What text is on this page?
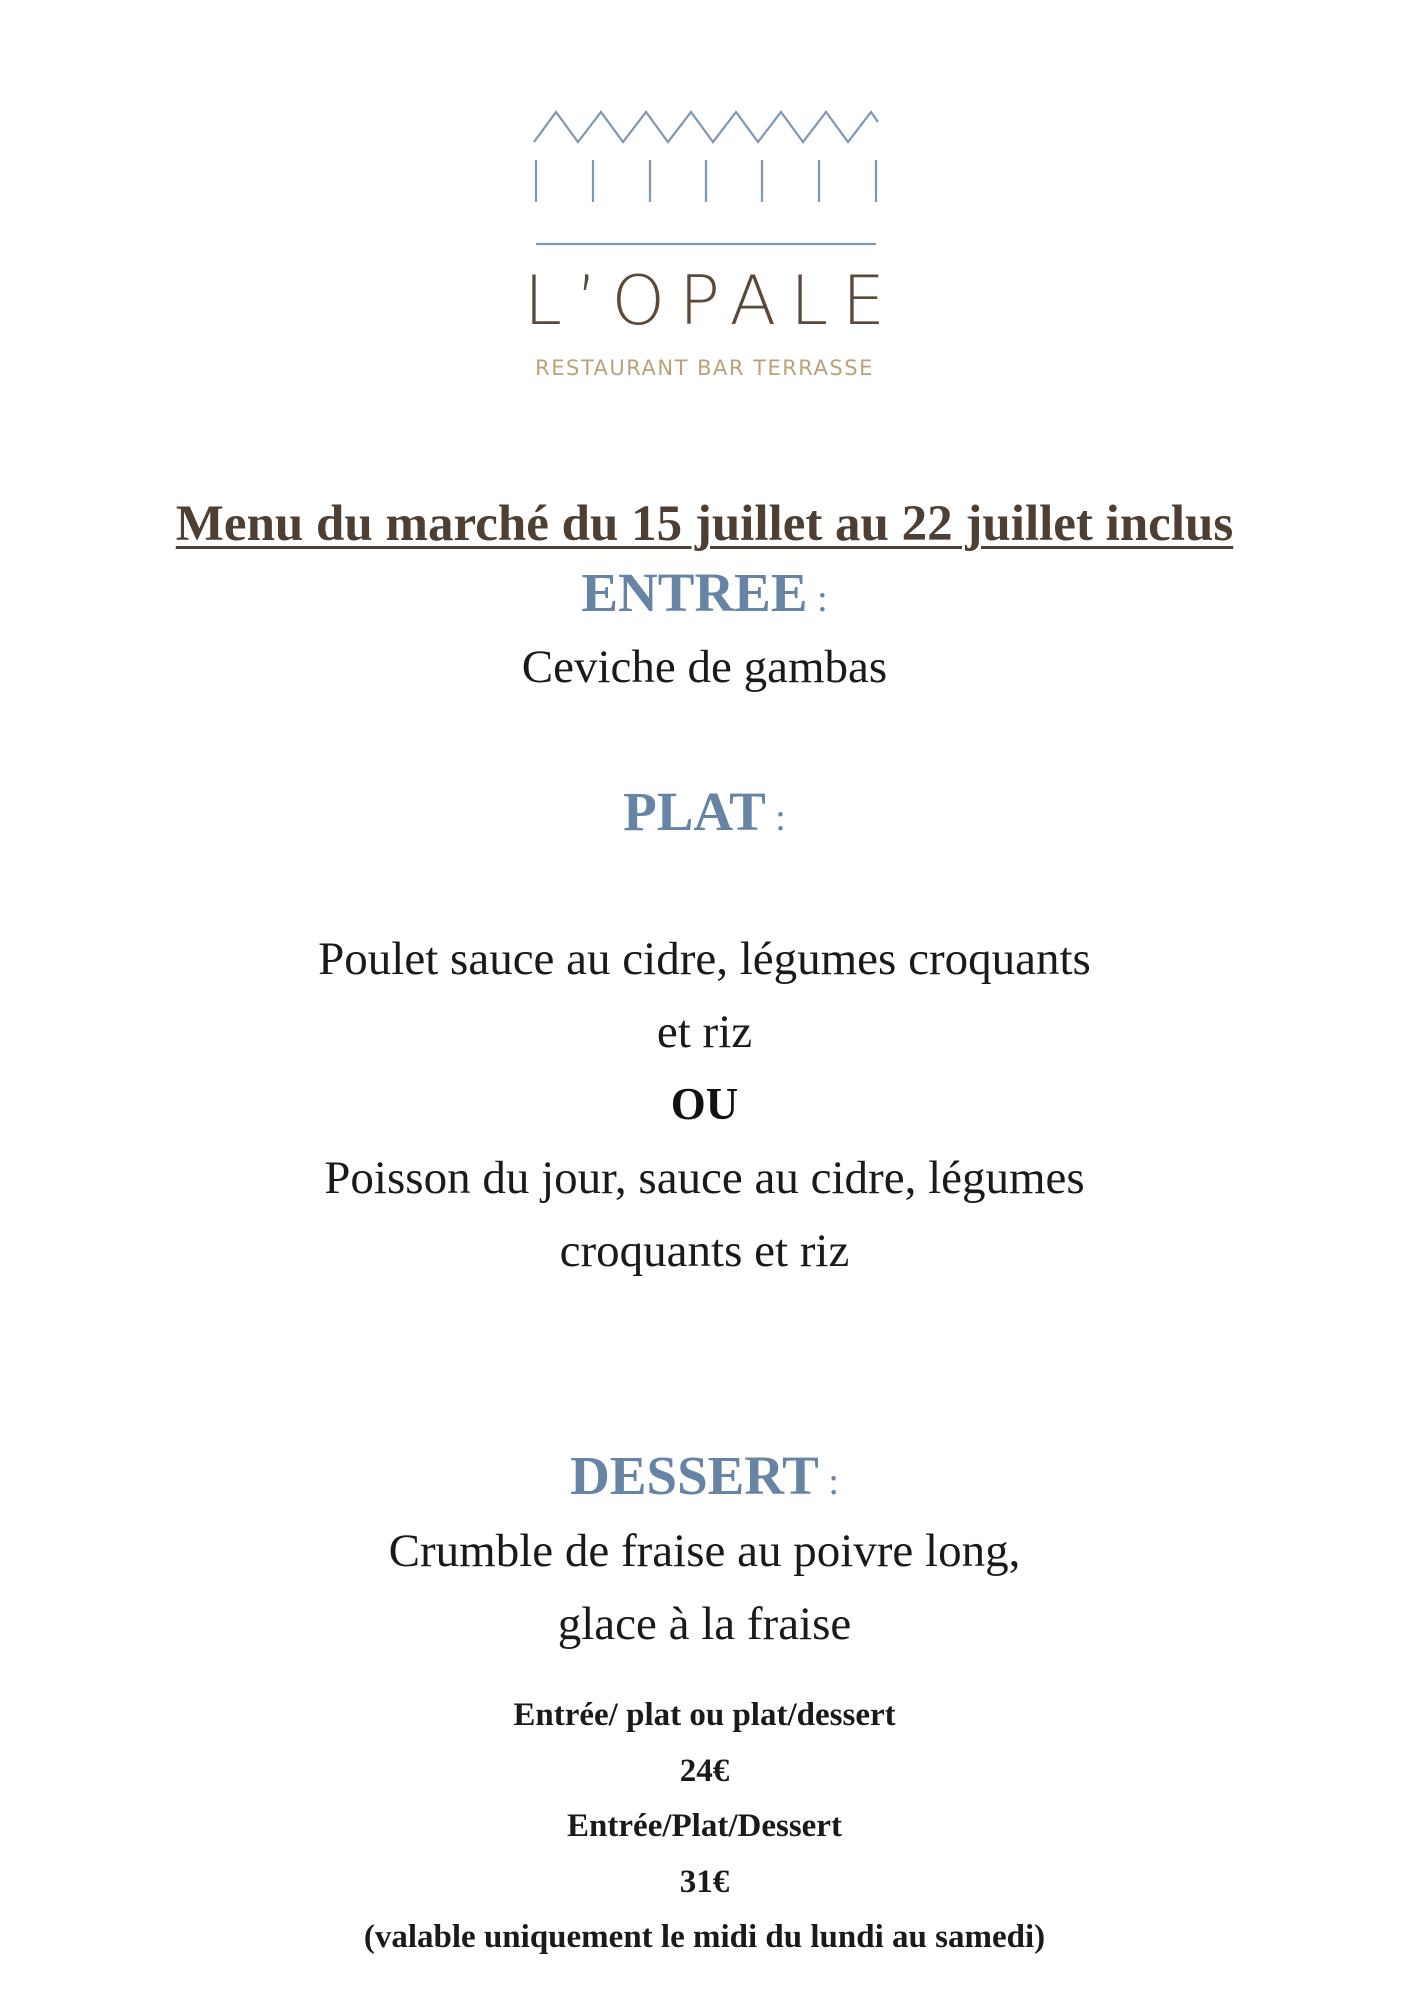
L’OPALE
RESTAURANT BAR TERRASSE
Menu du marché du 15 juillet au 22 juillet inclus
ENTREE :
Ceviche de gambas
PLAT :
Poulet sauce au cidre, légumes croquants
et riz
OU
Poisson du jour, sauce au cidre, légumes
croquants et riz
DESSERT :
Crumble de fraise au poivre long,
glace à la fraise
Entrée/ plat ou plat/dessert
24€
Entrée/Plat/Dessert
31€
(valable uniquement le midi du lundi au samedi)
